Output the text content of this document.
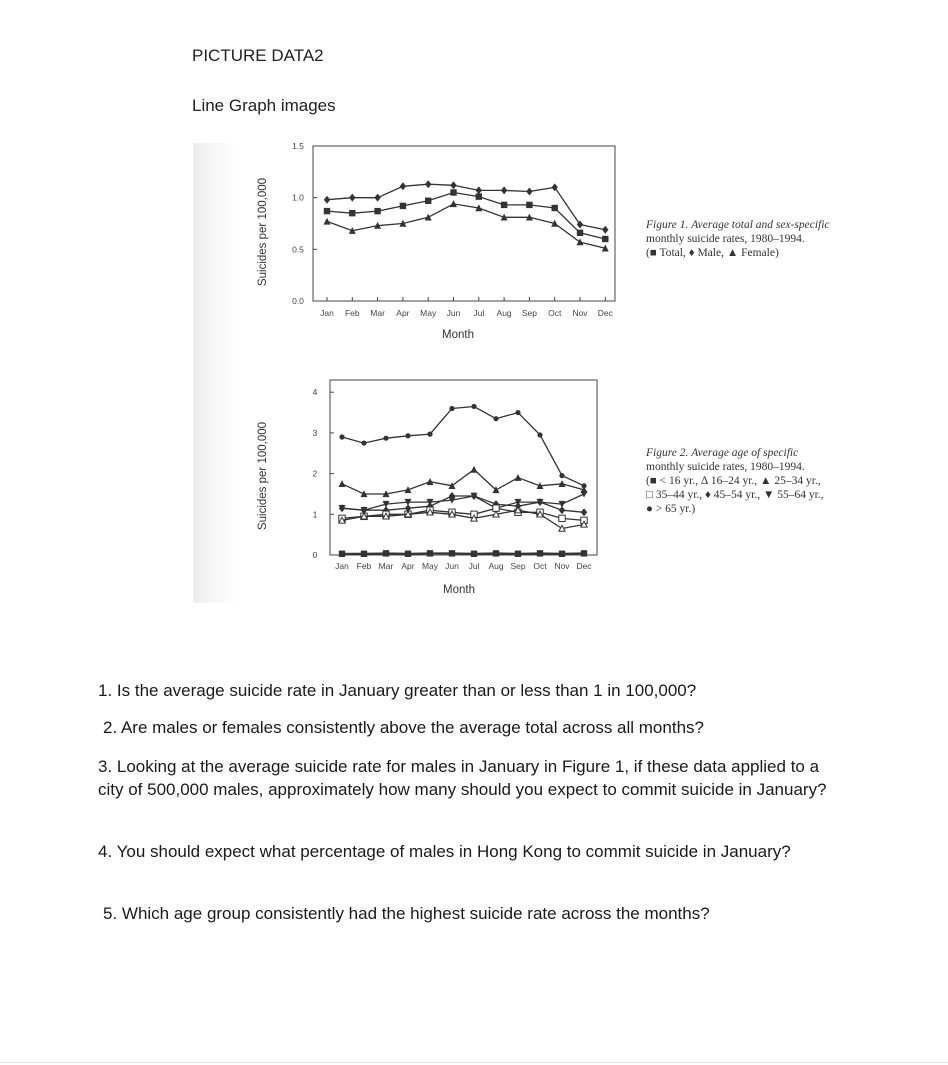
PICTURE DATA2
Line Graph images
0.0
0.5
1.0
1.5
Jan Feb Mar Apr May Jun Jul Aug Sep Oct Nov Dec
Month
Suicides per 100,000
0
1
2
3
4
Jan Feb Mar Apr May Jun Jul Aug Sep Oct Nov Dec
Month
Suicides per 100,000
Figure 1. Average total and sex-specific
monthly suicide rates, 1980–1994.
(■ Total, ♦ Male, ▲ Female)
Figure 2. Average age of specific
monthly suicide rates, 1980–1994.
(■ < 16 yr., ∆ 16–24 yr., ▲ 25–34 yr.,
□ 35–44 yr., ♦ 45–54 yr., ▼ 55–64 yr.,
● > 65 yr.)
1. Is the average suicide rate in January greater than or less than 1 in 100,000?
2. Are males or females consistently above the average total across all months?
3. Looking at the average suicide rate for males in January in Figure 1, if these data applied to a city of 500,000 males, approximately how many should you expect to commit suicide in January?
4. You should expect what percentage of males in Hong Kong to commit suicide in January?
5. Which age group consistently had the highest suicide rate across the months?
